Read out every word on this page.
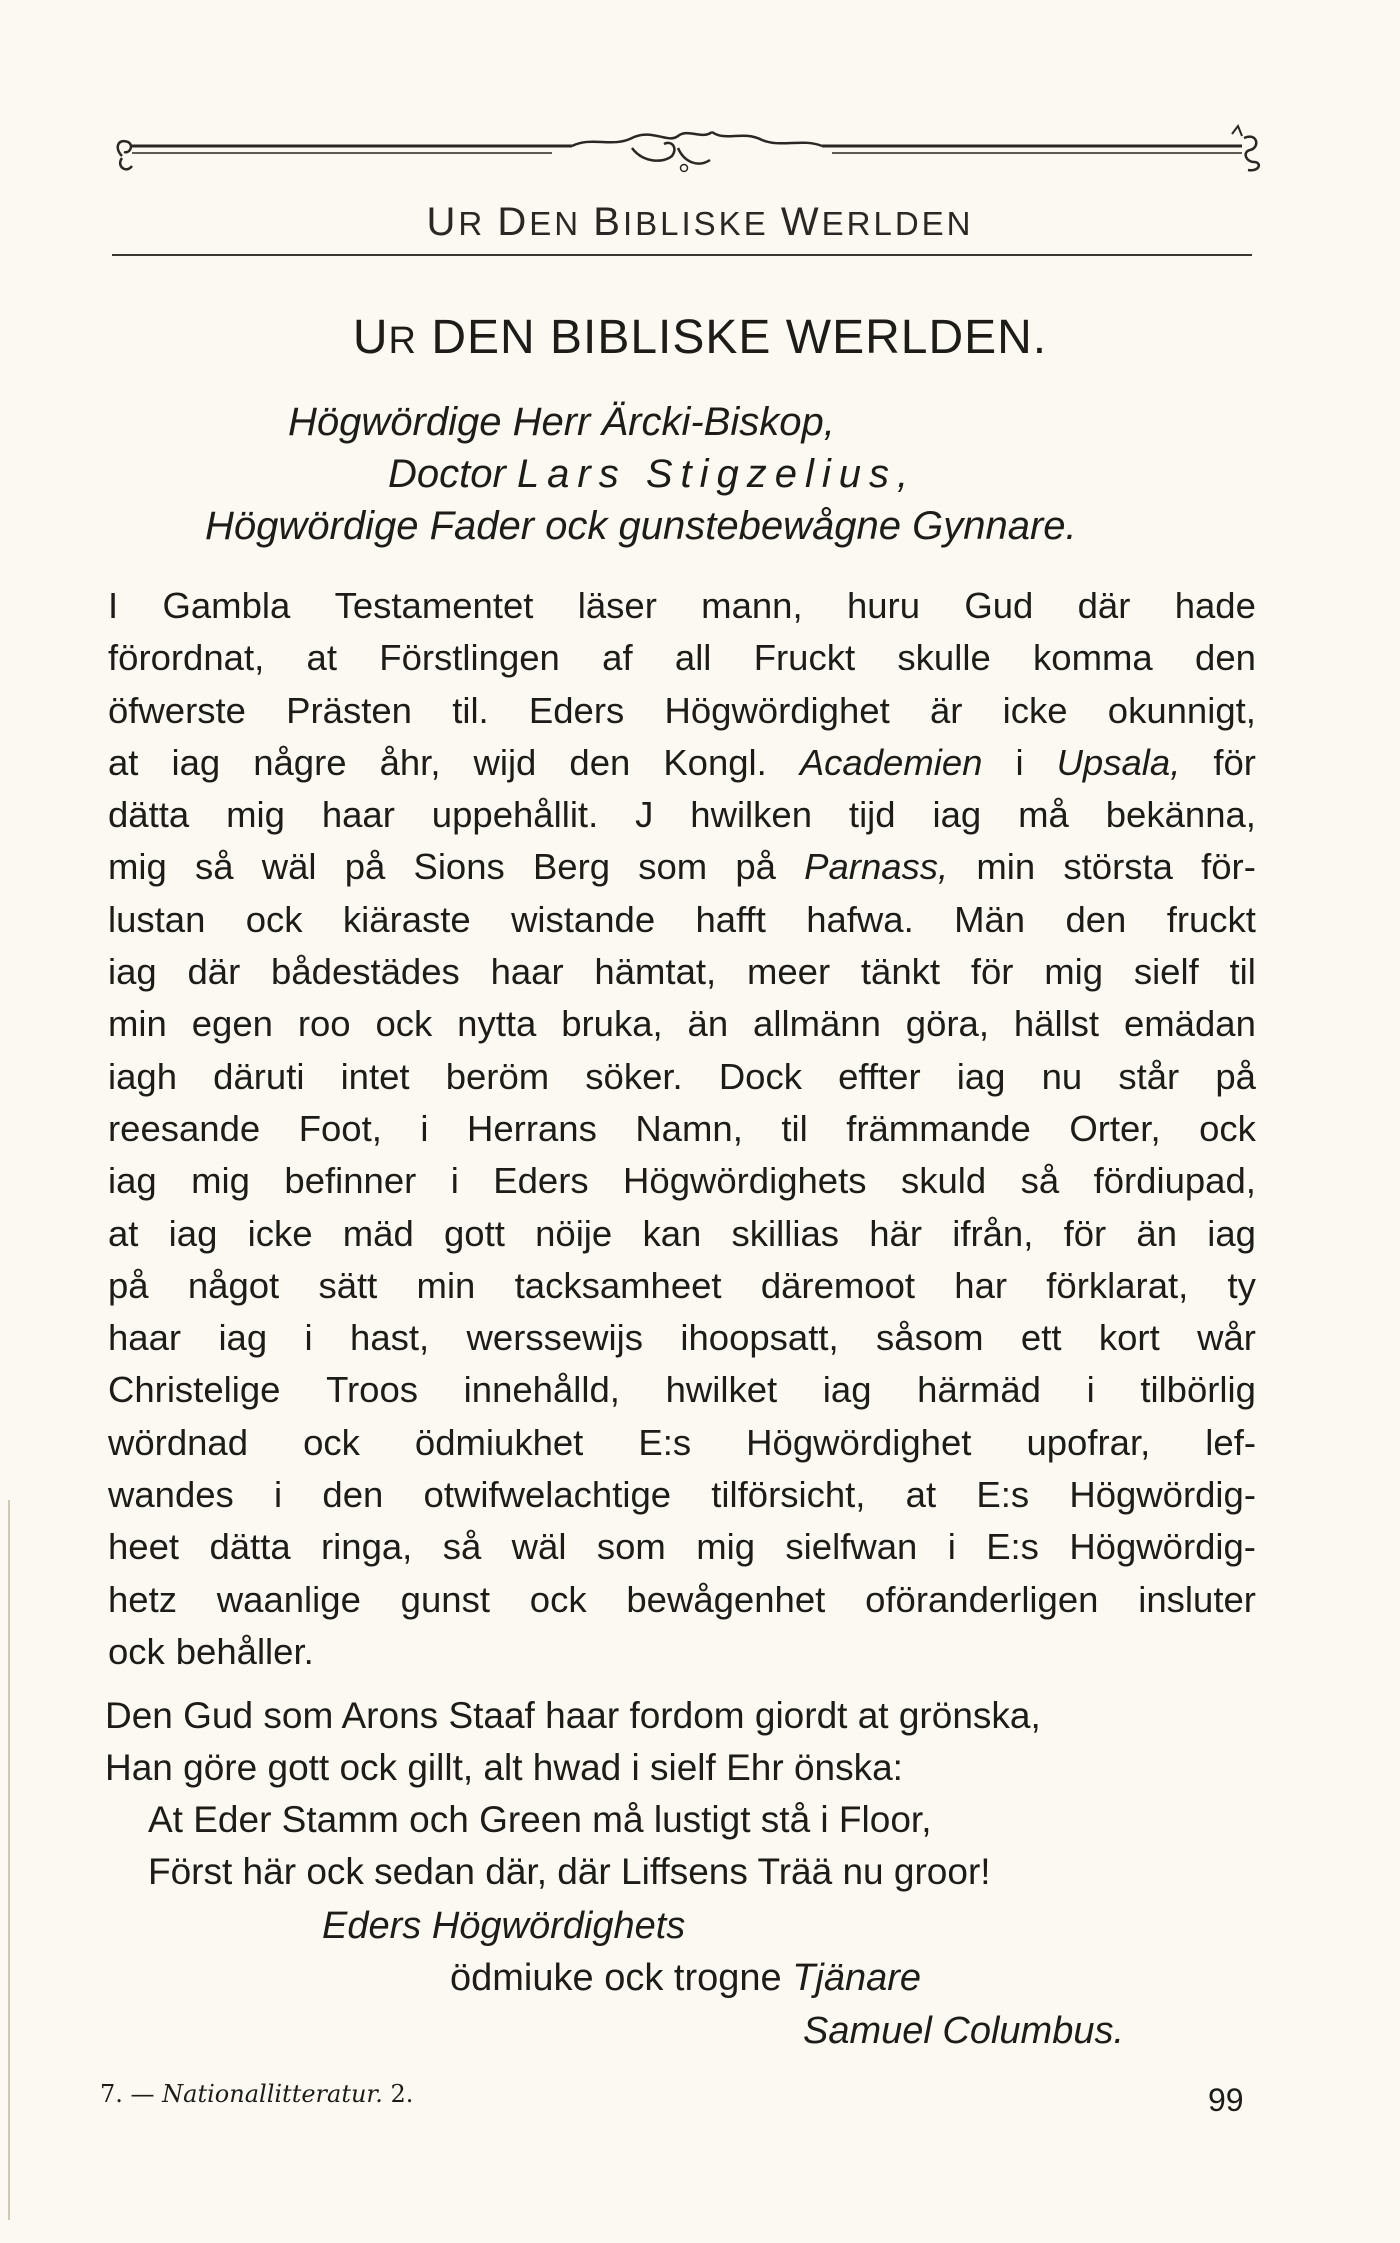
UR DEN BIBLISKE WERLDEN
UR DEN BIBLISKE WERLDEN.
Högwördige Herr Ärcki-Biskop,
Doctor Lars Stigzelius,
Högwördige Fader ock gunstebewågne Gynnare.
I Gambla Testamentet läser mann, huru Gud där hade
förordnat, at Förstlingen af all Fruckt skulle komma den
öfwerste Prästen til. Eders Högwördighet är icke okunnigt,
at iag någre åhr, wijd den Kongl. Academien i Upsala, för
dätta mig haar uppehållit. J hwilken tijd iag må bekänna,
mig så wäl på Sions Berg som på Parnass, min största för-
lustan ock kiäraste wistande hafft hafwa. Män den fruckt
iag där bådestädes haar hämtat, meer tänkt för mig sielf til
min egen roo ock nytta bruka, än allmänn göra, hällst emädan
iagh däruti intet beröm söker. Dock effter iag nu står på
reesande Foot, i Herrans Namn, til främmande Orter, ock
iag mig befinner i Eders Högwördighets skuld så fördiupad,
at iag icke mäd gott nöije kan skillias här ifrån, för än iag
på något sätt min tacksamheet däremoot har förklarat, ty
haar iag i hast, werssewijs ihoopsatt, såsom ett kort wår
Christelige Troos innehålld, hwilket iag härmäd i tilbörlig
wördnad ock ödmiukhet E:s Högwördighet upofrar, lef-
wandes i den otwifwelachtige tilförsicht, at E:s Högwördig-
heet dätta ringa, så wäl som mig sielfwan i E:s Högwördig-
hetz waanlige gunst ock bewågenhet oföranderligen insluter
ock behåller.
Den Gud som Arons Staaf haar fordom giordt at grönska,
Han göre gott ock gillt, alt hwad i sielf Ehr önska:
At Eder Stamm och Green må lustigt stå i Floor,
Först här ock sedan där, där Liffsens Trää nu groor!
Eders Högwördighets
ödmiuke ock trogne Tjänare
Samuel Columbus.
7. — Nationallitteratur. 2.	99
